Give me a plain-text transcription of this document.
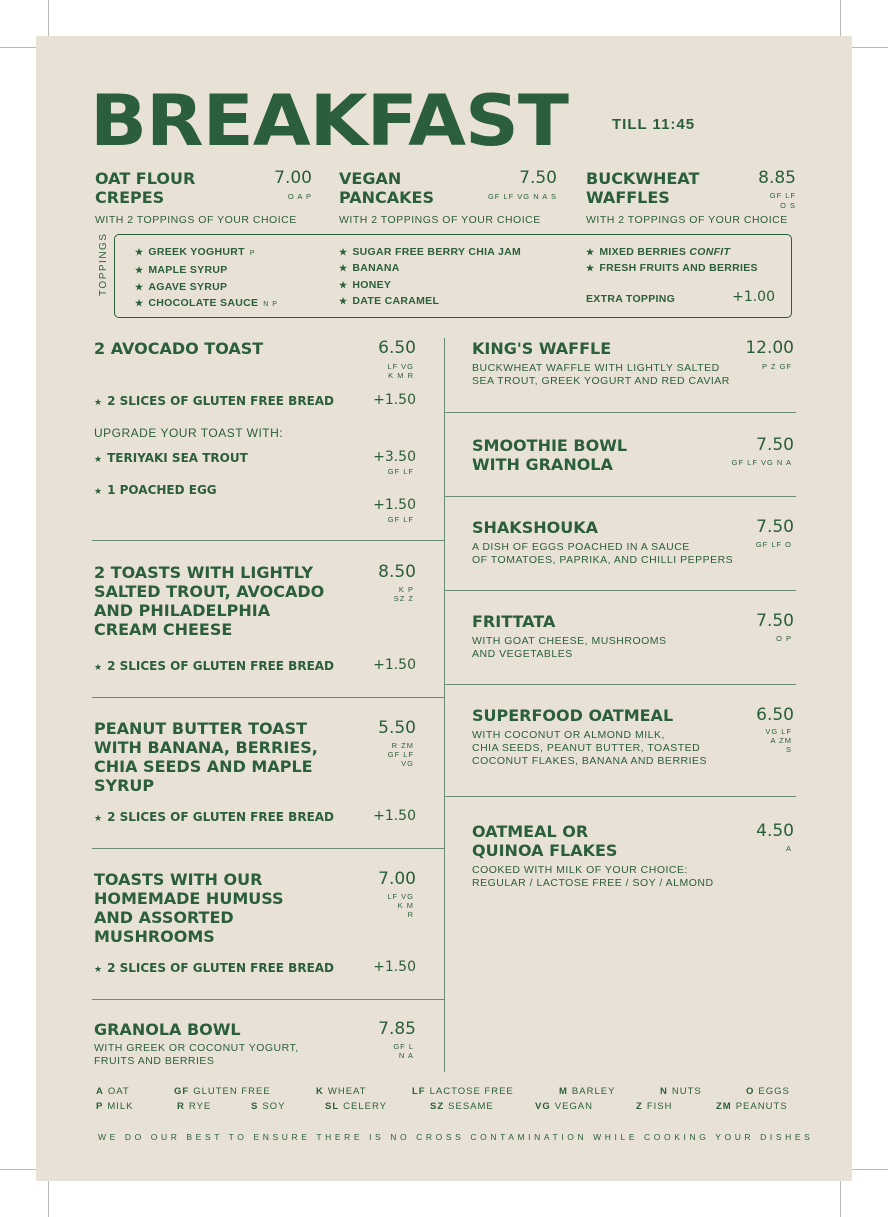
BREAKFAST	TILL 11:45
OAT FLOUR
CREPES
7.00
O A P
WITH 2 TOPPINGS OF YOUR CHOICE
VEGAN
PANCAKES
7.50
GF LF VG N A S
WITH 2 TOPPINGS OF YOUR CHOICE
BUCKWHEAT
WAFFLES
8.85
GF LF
O S
WITH 2 TOPPINGS OF YOUR CHOICE
TOPPINGS	★ GREEK YOGHURT P
★ MAPLE SYRUP
★ AGAVE SYRUP
★ CHOCOLATE SAUCE N P
★ SUGAR FREE BERRY CHIA JAM
★ BANANA
★ HONEY
★ DATE CARAMEL
★ MIXED BERRIES CONFIT
★ FRESH FRUITS AND BERRIES
EXTRA TOPPING	+1.00
2 AVOCADO TOAST	6.50
LF VG
K M R
★ 2 SLICES OF GLUTEN FREE BREAD	+1.50
UPGRADE YOUR TOAST WITH:
★ TERIYAKI SEA TROUT	+3.50
GF LF
★ 1 POACHED EGG
+1.50
GF LF
2 TOASTS WITH LIGHTLY
SALTED TROUT, AVOCADO
AND PHILADELPHIA
CREAM CHEESE
8.50
K P
SZ Z
★ 2 SLICES OF GLUTEN FREE BREAD	+1.50
PEANUT BUTTER TOAST
WITH BANANA, BERRIES,
CHIA SEEDS AND MAPLE
SYRUP
5.50
R ZM
GF LF
VG
★ 2 SLICES OF GLUTEN FREE BREAD	+1.50
TOASTS WITH OUR
HOMEMADE HUMUSS
AND ASSORTED
MUSHROOMS
7.00
LF VG
K M
R
★ 2 SLICES OF GLUTEN FREE BREAD	+1.50
GRANOLA BOWL	7.85
GF L
N A
WITH GREEK OR COCONUT YOGURT,
FRUITS AND BERRIES
KING'S WAFFLE	12.00
P Z GF
BUCKWHEAT WAFFLE WITH LIGHTLY SALTED
SEA TROUT, GREEK YOGURT AND RED CAVIAR
SMOOTHIE BOWL
WITH GRANOLA
7.50
GF LF VG N A
SHAKSHOUKA	7.50
GF LF O
A DISH OF EGGS POACHED IN A SAUCE
OF TOMATOES, PAPRIKA, AND CHILLI PEPPERS
FRITTATA	7.50
O P
WITH GOAT CHEESE, MUSHROOMS
AND VEGETABLES
SUPERFOOD OATMEAL	6.50
VG LF
A ZM
S
WITH COCONUT OR ALMOND MILK,
CHIA SEEDS, PEANUT BUTTER, TOASTED
COCONUT FLAKES, BANANA AND BERRIES
OATMEAL OR
QUINOA FLAKES
4.50
A
COOKED WITH MILK OF YOUR CHOICE:
REGULAR / LACTOSE FREE / SOY / ALMOND
A OAT	GF GLUTEN FREE	K WHEAT	LF LACTOSE FREE	M BARLEY	N NUTS	O EGGS
P MILK	R RYE	S SOY	SL CELERY	SZ SESAME	VG VEGAN	Z FISH	ZM PEANUTS
WE DO OUR BEST TO ENSURE THERE IS NO CROSS CONTAMINATION WHILE COOKING YOUR DISHES
